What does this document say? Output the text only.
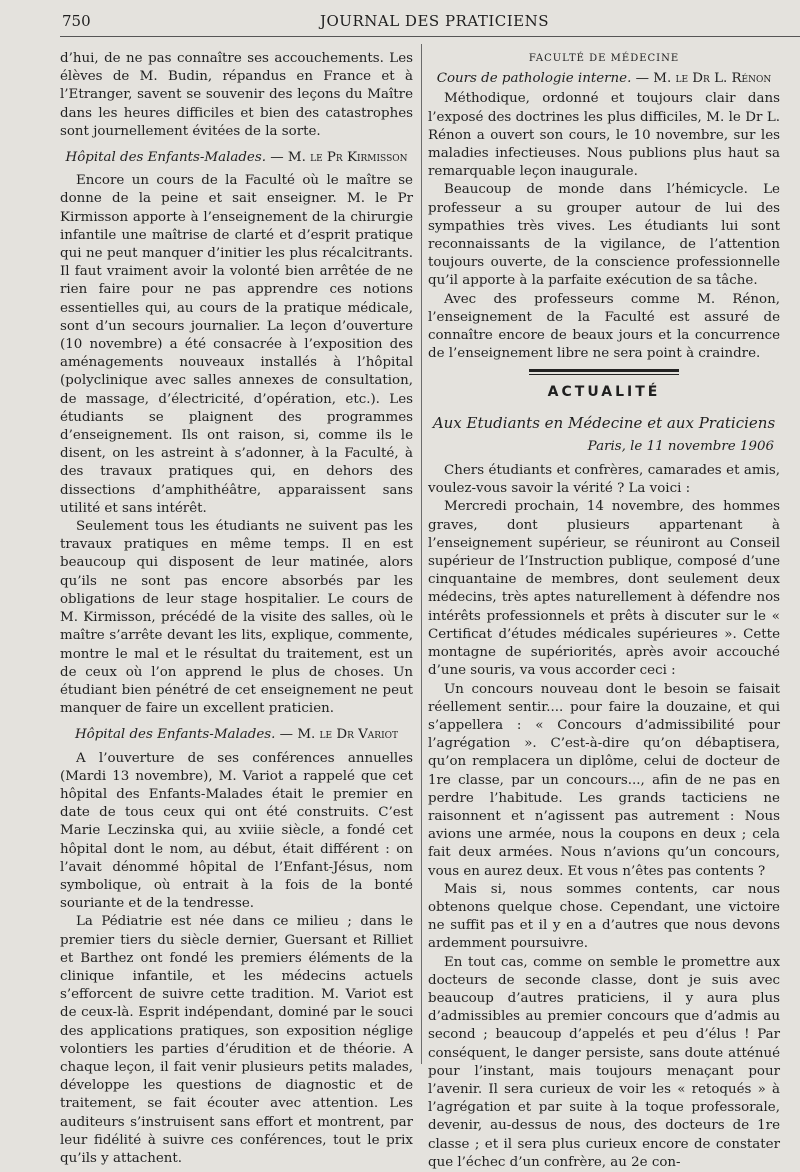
750	JOURNAL DES PRATICIENS

d’hui, de ne pas connaître ses accouchements. Les élèves de M. Budin, répandus en France et à l’Etranger, savent se souvenir des leçons du Maître dans les heures difficiles et bien des catastrophes sont journellement évitées de la sorte.

Hôpital des Enfants-Malades. — M. le Pr Kirmisson

Encore un cours de la Faculté où le maître se donne de la peine et sait enseigner. M. le Pr Kirmisson apporte à l’enseignement de la chirurgie infantile une maîtrise de clarté et d’esprit pratique qui ne peut manquer d’initier les plus récalcitrants. Il faut vraiment avoir la volonté bien arrêtée de ne rien faire pour ne pas apprendre ces notions essentielles qui, au cours de la pratique médicale, sont d’un secours journalier. La leçon d’ouverture (10 novembre) a été consacrée à l’exposition des aménagements nouveaux installés à l’hôpital (polyclinique avec salles annexes de consultation, de massage, d’électricité, d’opération, etc.). Les étudiants se plaignent des programmes d’enseignement. Ils ont raison, si, comme ils le disent, on les astreint à s’adonner, à la Faculté, à des travaux pratiques qui, en dehors des dissections d’amphithéâtre, apparaissent sans utilité et sans intérêt.

Seulement tous les étudiants ne suivent pas les travaux pratiques en même temps. Il en est beaucoup qui disposent de leur matinée, alors qu’ils ne sont pas encore absorbés par les obligations de leur stage hospitalier. Le cours de M. Kirmisson, précédé de la visite des salles, où le maître s’arrête devant les lits, explique, commente, montre le mal et le résultat du traitement, est un de ceux où l’on apprend le plus de choses. Un étudiant bien pénétré de cet enseignement ne peut manquer de faire un excellent praticien.

Hôpital des Enfants-Malades. — M. le Dr Variot

A l’ouverture de ses conférences annuelles (Mardi 13 novembre), M. Variot a rappelé que cet hôpital des Enfants-Malades était le premier en date de tous ceux qui ont été construits. C’est Marie Leczinska qui, au xviiie siècle, a fondé cet hôpital dont le nom, au début, était différent : on l’avait dénommé hôpital de l’Enfant-Jésus, nom symbolique, où entrait à la fois de la bonté souriante et de la tendresse.

La Pédiatrie est née dans ce milieu ; dans le premier tiers du siècle dernier, Guersant et Rilliet et Barthez ont fondé les premiers éléments de la clinique infantile, et les médecins actuels s’efforcent de suivre cette tradition. M. Variot est de ceux-là. Esprit indépendant, dominé par le souci des applications pratiques, son exposition néglige volontiers les parties d’érudition et de théorie. A chaque leçon, il fait venir plusieurs petits malades, développe les questions de diagnostic et de traitement, se fait écouter avec attention. Les auditeurs s’instruisent sans effort et montrent, par leur fidélité à suivre ces conférences, tout le prix qu’ils y attachent.

FACULTÉ DE MÉDECINE

Cours de pathologie interne. — M. le Dr L. Rénon

Méthodique, ordonné et toujours clair dans l’exposé des doctrines les plus difficiles, M. le Dr L. Rénon a ouvert son cours, le 10 novembre, sur les maladies infectieuses. Nous publions plus haut sa remarquable leçon inaugurale.

Beaucoup de monde dans l’hémicycle. Le professeur a su grouper autour de lui des sympathies très vives. Les étudiants lui sont reconnaissants de la vigilance, de l’attention toujours ouverte, de la conscience professionnelle qu’il apporte à la parfaite exécution de sa tâche.

Avec des professeurs comme M. Rénon, l’enseignement de la Faculté est assuré de connaître encore de beaux jours et la concurrence de l’enseignement libre ne sera point à craindre.

ACTUALITÉ

Aux Etudiants en Médecine et aux Praticiens

Paris, le 11 novembre 1906

Chers étudiants et confrères, camarades et amis, voulez-vous savoir la vérité ? La voici :

Mercredi prochain, 14 novembre, des hommes graves, dont plusieurs appartenant à l’enseignement supérieur, se réuniront au Conseil supérieur de l’Instruction publique, composé d’une cinquantaine de membres, dont seulement deux médecins, très aptes naturellement à défendre nos intérêts professionnels et prêts à discuter sur le « Certificat d’études médicales supérieures ». Cette montagne de supériorités, après avoir accouché d’une souris, va vous accorder ceci :

Un concours nouveau dont le besoin se faisait réellement sentir.... pour faire la douzaine, et qui s’appellera : « Concours d’admissibilité pour l’agrégation ». C’est-à-dire qu’on débaptisera, qu’on remplacera un diplôme, celui de docteur de 1re classe, par un concours..., afin de ne pas en perdre l’habitude. Les grands tacticiens ne raisonnent et n’agissent pas autrement : Nous avions une armée, nous la coupons en deux ; cela fait deux armées. Nous n’avions qu’un concours, vous en aurez deux. Et vous n’êtes pas contents ?

Mais si, nous sommes contents, car nous obtenons quelque chose. Cependant, une victoire ne suffit pas et il y en a d’autres que nous devons ardemment poursuivre.

En tout cas, comme on semble le promettre aux docteurs de seconde classe, dont je suis avec beaucoup d’autres praticiens, il y aura plus d’admissibles au premier concours que d’admis au second ; beaucoup d’appelés et peu d’élus ! Par conséquent, le danger persiste, sans doute atténué pour l’instant, mais toujours menaçant pour l’avenir. Il sera curieux de voir les « retoqués » à l’agrégation et par suite à la toque professorale, devenir, au-dessus de nous, des docteurs de 1re classe ; et il sera plus curieux encore de constater que l’échec d’un confrère, au 2e con-
